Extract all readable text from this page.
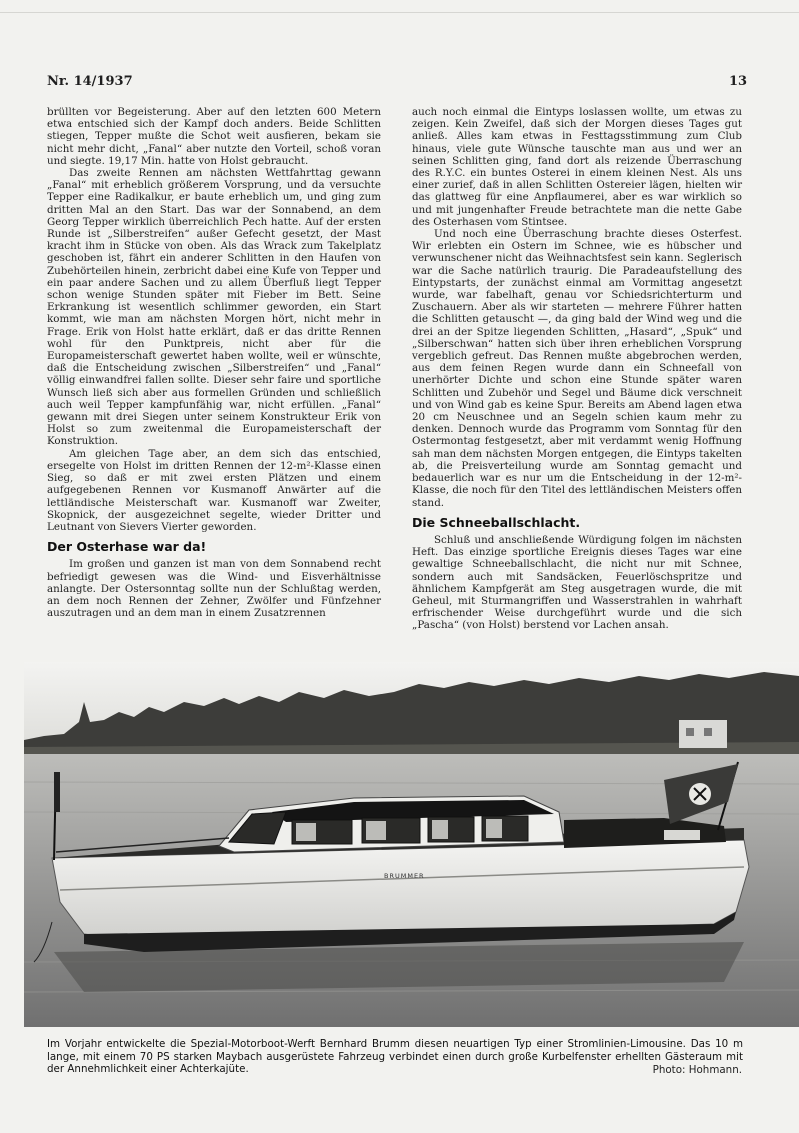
Nr. 14/1937	13

brüllten vor Begeisterung. Aber auf den letzten 600 Metern etwa entschied sich der Kampf doch anders. Beide Schlitten stiegen, Tepper mußte die Schot weit ausfieren, bekam sie nicht mehr dicht, „Fanal“ aber nutzte den Vorteil, schoß voran und siegte. 19,17 Min. hatte von Holst gebraucht.

Das zweite Rennen am nächsten Wettfahrttag gewann „Fanal“ mit erheblich größerem Vorsprung, und da versuchte Tepper eine Radikalkur, er baute erheblich um, und ging zum dritten Mal an den Start. Das war der Sonnabend, an dem Georg Tepper wirklich überreichlich Pech hatte. Auf der ersten Runde ist „Silberstreifen“ außer Gefecht gesetzt, der Mast kracht ihm in Stücke von oben. Als das Wrack zum Takelplatz geschoben ist, fährt ein anderer Schlitten in den Haufen von Zubehörteilen hinein, zerbricht dabei eine Kufe von Tepper und ein paar andere Sachen und zu allem Überfluß liegt Tepper schon wenige Stunden später mit Fieber im Bett. Seine Erkrankung ist wesentlich schlimmer geworden, ein Start kommt, wie man am nächsten Morgen hört, nicht mehr in Frage. Erik von Holst hatte erklärt, daß er das dritte Rennen wohl für den Punktpreis, nicht aber für die Europameisterschaft gewertet haben wollte, weil er wünschte, daß die Entscheidung zwischen „Silberstreifen“ und „Fanal“ völlig einwandfrei fallen sollte. Dieser sehr faire und sportliche Wunsch ließ sich aber aus formellen Gründen und schließlich auch weil Tepper kampfunfähig war, nicht erfüllen. „Fanal“ gewann mit drei Siegen unter seinem Konstrukteur Erik von Holst so zum zweitenmal die Europameisterschaft der Konstruktion.

Am gleichen Tage aber, an dem sich das entschied, ersegelte von Holst im dritten Rennen der 12-m²-Klasse einen Sieg, so daß er mit zwei ersten Plätzen und einem aufgegebenen Rennen vor Kusmanoff Anwärter auf die lettländische Meisterschaft war. Kusmanoff war Zweiter, Skopnick, der ausgezeichnet segelte, wieder Dritter und Leutnant von Sievers Vierter geworden.

Der Osterhase war da!

Im großen und ganzen ist man von dem Sonnabend recht befriedigt gewesen was die Wind- und Eisverhältnisse anlangte. Der Ostersonntag sollte nun der Schlußtag werden, an dem noch Rennen der Zehner, Zwölfer und Fünfzehner auszutragen und an dem man in einem Zusatzrennen

auch noch einmal die Eintyps loslassen wollte, um etwas zu zeigen. Kein Zweifel, daß sich der Morgen dieses Tages gut anließ. Alles kam etwas in Festtagsstimmung zum Club hinaus, viele gute Wünsche tauschte man aus und wer an seinen Schlitten ging, fand dort als reizende Überraschung des R.Y.C. ein buntes Osterei in einem kleinen Nest. Als uns einer zurief, daß in allen Schlitten Ostereier lägen, hielten wir das glattweg für eine Anpflaumerei, aber es war wirklich so und mit jungenhafter Freude betrachtete man die nette Gabe des Osterhasen vom Stintsee.

Und noch eine Überraschung brachte dieses Osterfest. Wir erlebten ein Ostern im Schnee, wie es hübscher und verwunschener nicht das Weihnachtsfest sein kann. Seglerisch war die Sache natürlich traurig. Die Paradeaufstellung des Eintypstarts, der zunächst einmal am Vormittag angesetzt wurde, war fabelhaft, genau vor Schiedsrichterturm und Zuschauern. Aber als wir starteten — mehrere Führer hatten die Schlitten getauscht —, da ging bald der Wind weg und die drei an der Spitze liegenden Schlitten, „Hasard“, „Spuk“ und „Silberschwan“ hatten sich über ihren erheblichen Vorsprung vergeblich gefreut. Das Rennen mußte abgebrochen werden, aus dem feinen Regen wurde dann ein Schneefall von unerhörter Dichte und schon eine Stunde später waren Schlitten und Zubehör und Segel und Bäume dick verschneit und von Wind gab es keine Spur. Bereits am Abend lagen etwa 20 cm Neuschnee und an Segeln schien kaum mehr zu denken. Dennoch wurde das Programm vom Sonntag für den Ostermontag festgesetzt, aber mit verdammt wenig Hoffnung sah man dem nächsten Morgen entgegen, die Eintyps takelten ab, die Preisverteilung wurde am Sonntag gemacht und bedauerlich war es nur um die Entscheidung in der 12-m²-Klasse, die noch für den Titel des lettländischen Meisters offen stand.

Die Schneeballschlacht.

Schluß und anschließende Würdigung folgen im nächsten Heft. Das einzige sportliche Ereignis dieses Tages war eine gewaltige Schneeballschlacht, die nicht nur mit Schnee, sondern auch mit Sandsäcken, Feuerlöschspritze und ähnlichem Kampfgerät am Steg ausgetragen wurde, die mit Geheul, mit Sturmangriffen und Wasserstrahlen in wahrhaft erfrischender Weise durchgeführt wurde und die sich „Pascha“ (von Holst) berstend vor Lachen ansah.

BRUMMER
Im Vorjahr entwickelte die Spezial-Motorboot-Werft Bernhard Brumm diesen neuartigen Typ einer Stromlinien-Limousine. Das 10 m lange, mit einem 70 PS starken Maybach ausgerüstete Fahrzeug verbindet einen durch große Kurbelfenster erhellten Gästeraum mit der Annehmlichkeit einer Achterkajüte.	Photo: Hohmann.
